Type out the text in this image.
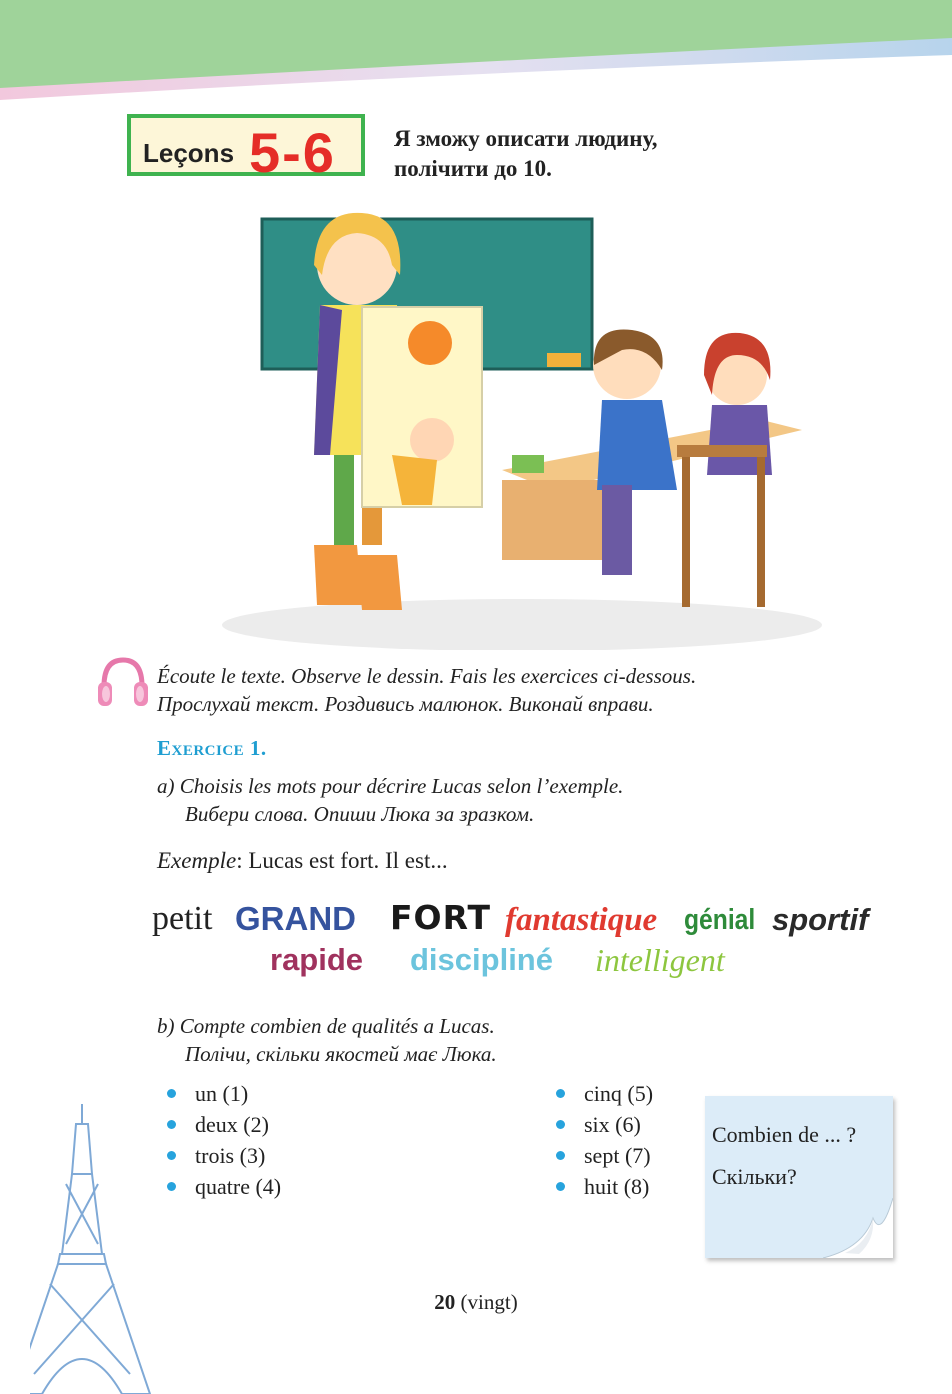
Leçons 5-6	Я зможу описати людину,
полічити до 10.
Écoute le texte. Observe le dessin. Fais les exercices ci-dessous.
Прослухай текст. Роздивись малюнок. Виконай вправи.
Exercice 1.
a) Choisis les mots pour décrire Lucas selon l’exemple.
Вибери слова. Опиши Люка за зразком.
Exemple: Lucas est fort. Il est...
petit GRAND FORT fantastique génial sportif
rapide discipliné intelligent
b) Compte combien de qualités a Lucas.
Полічи, скільки якостей має Люка.
un (1)
deux (2)
trois (3)
quatre (4)
cinq (5)
six (6)
sept (7)
huit (8)
Combien de ... ?
Скільки?
20 (vingt)
